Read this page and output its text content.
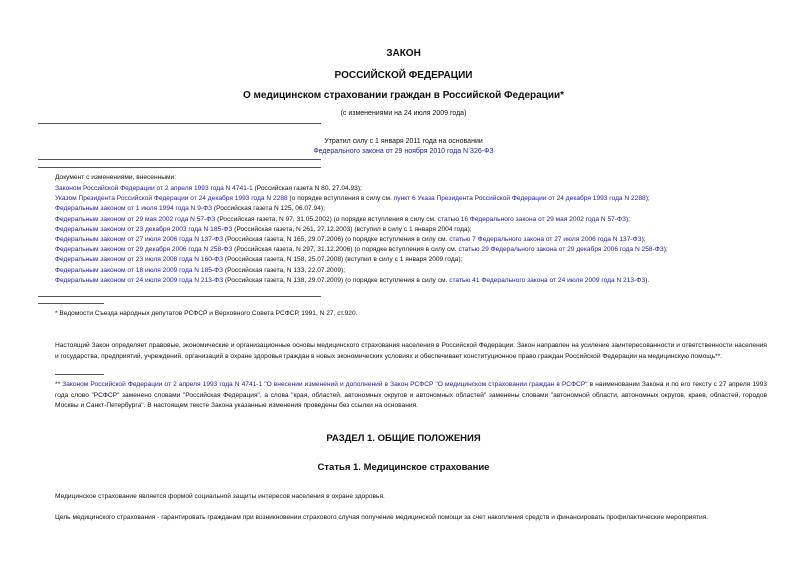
ЗАКОН
РОССИЙСКОЙ ФЕДЕРАЦИИ
О медицинском страховании граждан в Российской Федерации*
(с изменениями на 24 июля 2009 года)
Утратил силу с 1 января 2011 года на основании
Федерального закона от 29 ноября 2010 года N 326-ФЗ
Документ с изменениями, внесенными:
Законом Российской Федерации от 2 апреля 1993 года N 4741-1 (Российская газета N 80, 27.04.93);
Указом Президента Российской Федерации от 24 декабря 1993 года N 2288 (о порядке вступления в силу см. пункт 6 Указа Президента Российской Федерации от 24 декабря 1993 года N 2288);
Федеральным законом от 1 июля 1994 года N 9-ФЗ (Российская газета N 125, 06.07.94);
Федеральным законом от 29 мая 2002 года N 57-ФЗ (Российская газета, N 97, 31.05.2002) (о порядке вступления в силу см. статью 16 Федерального закона от 29 мая 2002 года N 57-ФЗ);
Федеральным законом от 23 декабря 2003 года N 185-ФЗ (Российская газета, N 261, 27.12.2003) (вступил в силу с 1 января 2004 года);
Федеральным законом от 27 июля 2006 года N 137-ФЗ (Российская газета, N 165, 29.07.2006) (о порядке вступления в силу см. статью 7 Федерального закона от 27 июля 2006 года N 137-ФЗ);
Федеральным законом от 29 декабря 2006 года N 258-ФЗ (Российская газета, N 297, 31.12.2006) (о порядке вступления в силу см. статью 29 Федерального закона от 29 декабря 2006 года N 258-ФЗ);
Федеральным законом от 23 июля 2008 года N 160-ФЗ (Российская газета, N 158, 25.07.2008) (вступил в силу с 1 января 2009 года);
Федеральным законом от 18 июля 2009 года N 185-ФЗ (Российская газета, N 133, 22.07.2009);
Федеральным законом от 24 июля 2009 года N 213-ФЗ (Российская газета, N 138, 29.07.2009) (о порядке вступления в силу см. статью 41 Федерального закона от 24 июля 2009 года N 213-ФЗ).
* Ведомости Съезда народных депутатов РСФСР и Верховного Совета РСФСР, 1991, N 27, ст.920.
Настоящий Закон определяет правовые, экономические и организационные основы медицинского страхования населения в Российской Федерации. Закон направлен на усиление заинтересованности и ответственности населения и государства, предприятий, учреждений, организаций в охране здоровья граждан в новых экономических условиях и обеспечивает конституционное право граждан Российской Федерации на медицинскую помощь**.
** Законом Российской Федерации от 2 апреля 1993 года N 4741-1 "О внесении изменений и дополнений в Закон РСФСР "О медицинском страховании граждан в РСФСР" в наименовании Закона и по его тексту с 27 апреля 1993 года слово "РСФСР" заменено словами "Российская Федерация", а слова "края, областей, автономных округов и автономных областей" заменены словами "автономной области, автономных округов, краев, областей, городов Москвы и Санкт-Петербурга". В настоящем тексте Закона указанные изменения проведены без ссылки на основания.
РАЗДЕЛ 1. ОБЩИЕ ПОЛОЖЕНИЯ
Статья 1. Медицинское страхование
Медицинское страхование является формой социальной защиты интересов населения в охране здоровья.
Цель медицинского страхования - гарантировать гражданам при возникновении страхового случая получение медицинской помощи за счет накопления средств и финансировать профилактические мероприятия.
